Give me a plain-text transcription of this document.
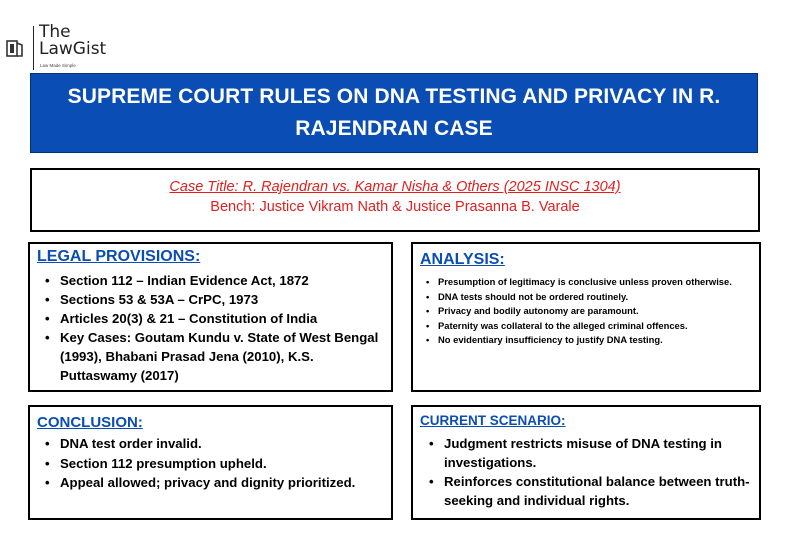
The
LawGist
Law Made Simple
SUPREME COURT RULES ON DNA TESTING AND PRIVACY IN R. RAJENDRAN CASE
Case Title: R. Rajendran vs. Kamar Nisha & Others (2025 INSC 1304)
Bench: Justice Vikram Nath & Justice Prasanna B. Varale
LEGAL PROVISIONS:
• Section 112 – Indian Evidence Act, 1872
• Sections 53 & 53A – CrPC, 1973
• Articles 20(3) & 21 – Constitution of India
• Key Cases: Goutam Kundu v. State of West Bengal (1993), Bhabani Prasad Jena (2010), K.S. Puttaswamy (2017)
ANALYSIS:
• Presumption of legitimacy is conclusive unless proven otherwise.
• DNA tests should not be ordered routinely.
• Privacy and bodily autonomy are paramount.
• Paternity was collateral to the alleged criminal offences.
• No evidentiary insufficiency to justify DNA testing.
CONCLUSION:
• DNA test order invalid.
• Section 112 presumption upheld.
• Appeal allowed; privacy and dignity prioritized.
CURRENT SCENARIO:
• Judgment restricts misuse of DNA testing in investigations.
• Reinforces constitutional balance between truth-seeking and individual rights.
